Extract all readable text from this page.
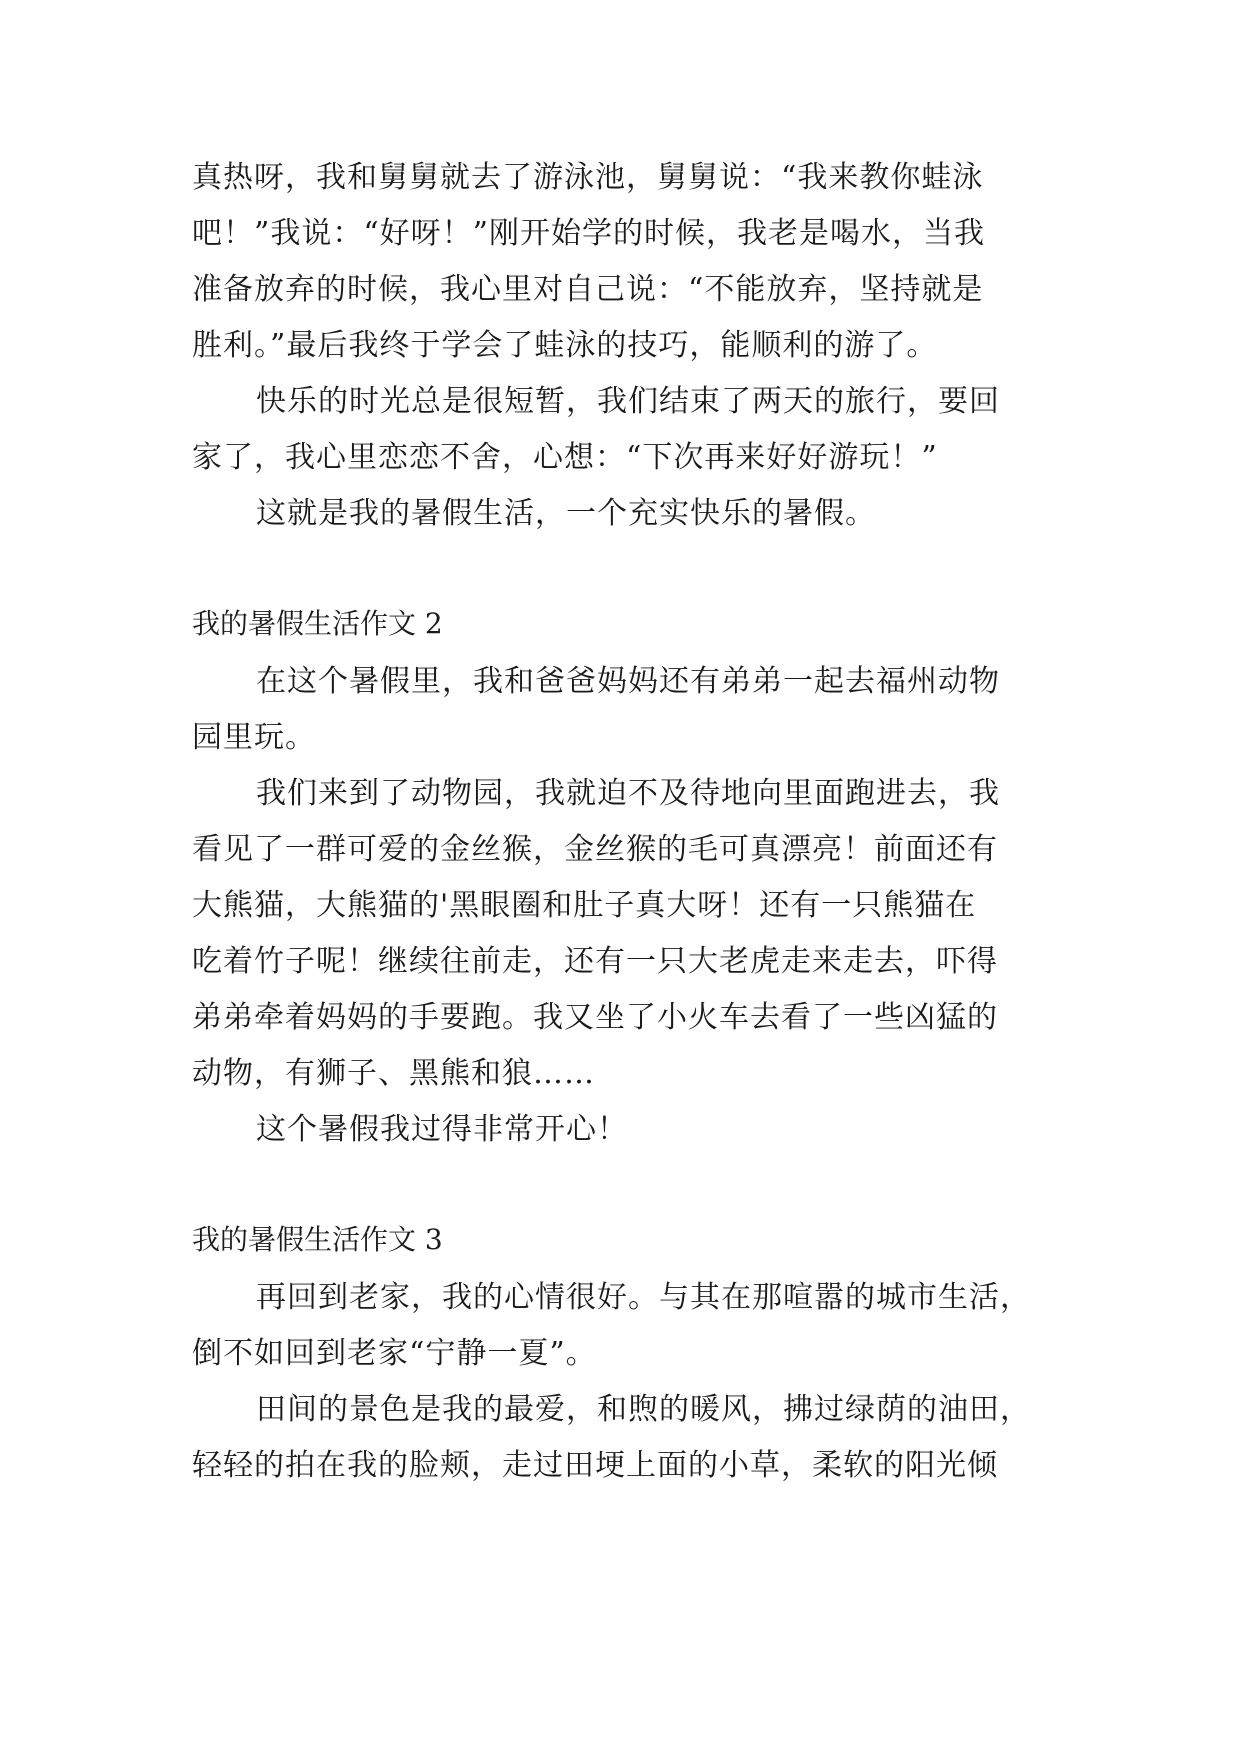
真热呀，我和舅舅就去了游泳池，舅舅说：“我来教你蛙泳
吧！”我说：“好呀！”刚开始学的时候，我老是喝水，当我
准备放弃的时候，我心里对自己说：“不能放弃，坚持就是
胜利。”最后我终于学会了蛙泳的技巧，能顺利的游了。
快乐的时光总是很短暂，我们结束了两天的旅行，要回
家了，我心里恋恋不舍，心想：“下次再来好好游玩！”
这就是我的暑假生活，一个充实快乐的暑假。
我的暑假生活作文 2
在这个暑假里，我和爸爸妈妈还有弟弟一起去福州动物
园里玩。
我们来到了动物园，我就迫不及待地向里面跑进去，我
看见了一群可爱的金丝猴，金丝猴的毛可真漂亮！前面还有
大熊猫，大熊猫的'黑眼圈和肚子真大呀！还有一只熊猫在
吃着竹子呢！继续往前走，还有一只大老虎走来走去，吓得
弟弟牵着妈妈的手要跑。我又坐了小火车去看了一些凶猛的
动物，有狮子、黑熊和狼……
这个暑假我过得非常开心！
我的暑假生活作文 3
再回到老家，我的心情很好。与其在那喧嚣的城市生活，
倒不如回到老家“宁静一夏”。
田间的景色是我的最爱，和煦的暖风，拂过绿荫的油田，
轻轻的拍在我的脸颊，走过田埂上面的小草，柔软的阳光倾
